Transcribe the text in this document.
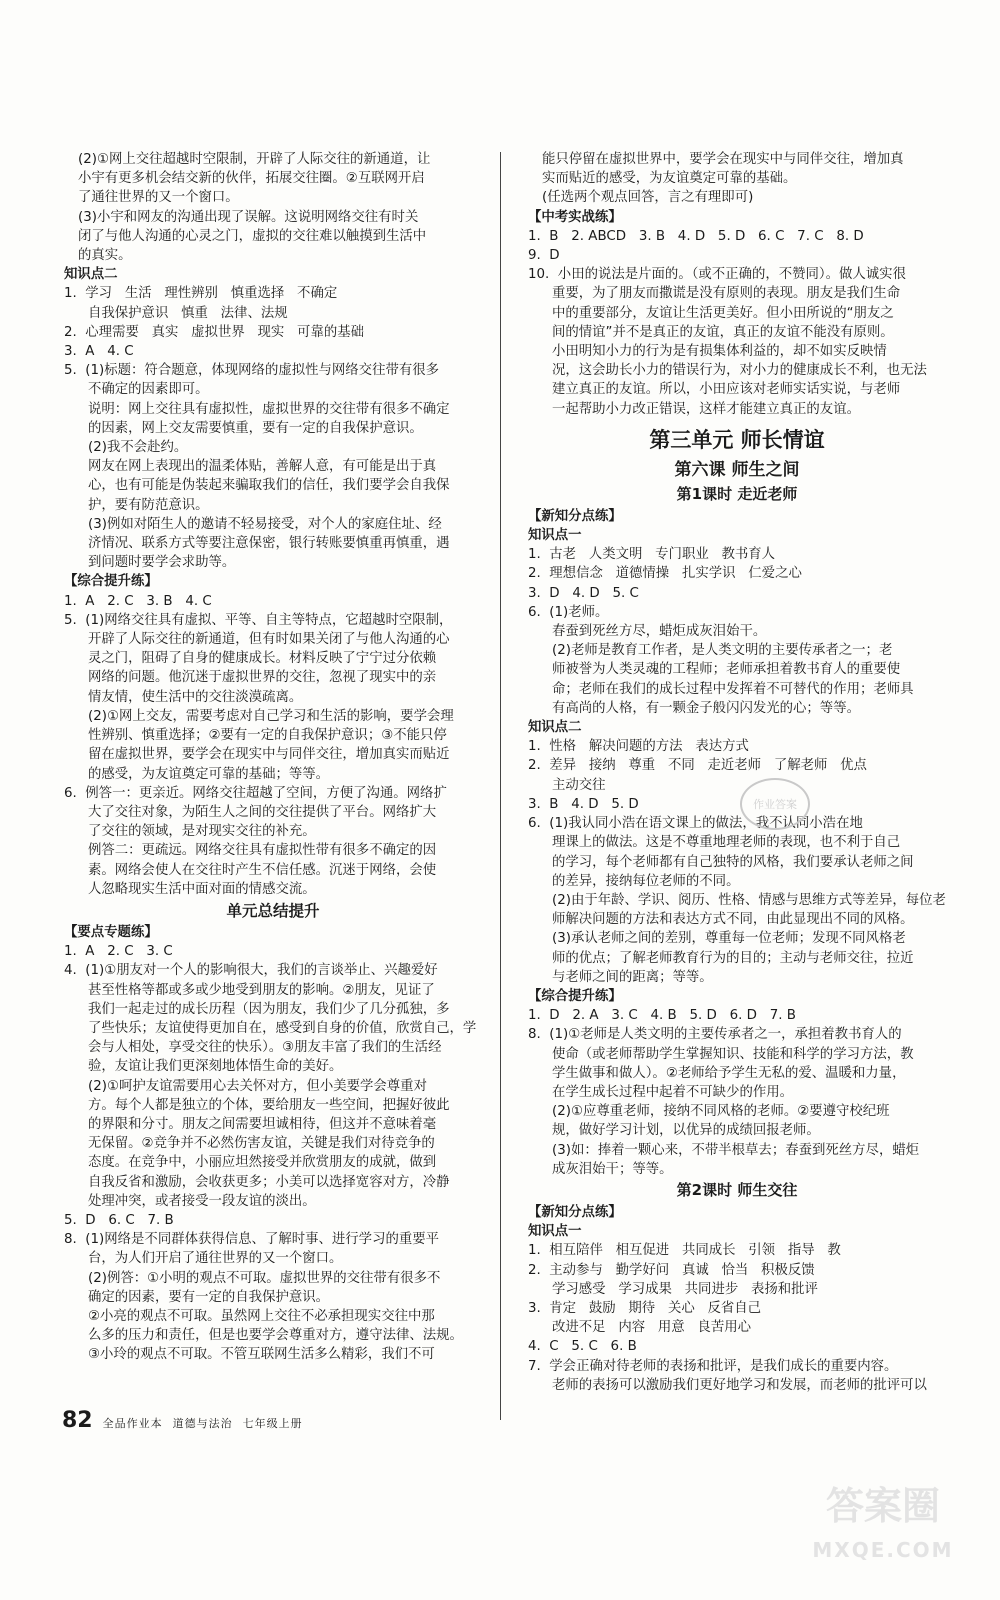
(2)①网上交往超越时空限制，开辟了人际交往的新通道，让
小宇有更多机会结交新的伙伴，拓展交往圈。②互联网开启
了通往世界的又一个窗口。
(3)小宇和网友的沟通出现了误解。这说明网络交往有时关
闭了与他人沟通的心灵之门，虚拟的交往难以触摸到生活中
的真实。
知识点二
1.  学习   生活   理性辨别   慎重选择   不确定
自我保护意识   慎重   法律、法规
2.  心理需要   真实   虚拟世界   现实   可靠的基础
3.  A   4. C
5.  (1)标题：符合题意，体现网络的虚拟性与网络交往带有很多
不确定的因素即可。
说明：网上交往具有虚拟性，虚拟世界的交往带有很多不确定
的因素，网上交友需要慎重，要有一定的自我保护意识。
(2)我不会赴约。
网友在网上表现出的温柔体贴，善解人意，有可能是出于真
心，也有可能是伪装起来骗取我们的信任，我们要学会自我保
护，要有防范意识。
(3)例如对陌生人的邀请不轻易接受，对个人的家庭住址、经
济情况、联系方式等要注意保密，银行转账要慎重再慎重，遇
到问题时要学会求助等。
【综合提升练】
1.  A   2. C   3. B   4. C
5.  (1)网络交往具有虚拟、平等、自主等特点，它超越时空限制，
开辟了人际交往的新通道，但有时如果关闭了与他人沟通的心
灵之门，阻碍了自身的健康成长。材料反映了宁宁过分依赖
网络的问题。他沉迷于虚拟世界的交往，忽视了现实中的亲
情友情，使生活中的交往淡漠疏离。
(2)①网上交友，需要考虑对自己学习和生活的影响，要学会理
性辨别、慎重选择；②要有一定的自我保护意识；③不能只停
留在虚拟世界，要学会在现实中与同伴交往，增加真实而贴近
的感受，为友谊奠定可靠的基础；等等。
6.  例答一：更亲近。网络交往超越了空间，方便了沟通。网络扩
大了交往对象，为陌生人之间的交往提供了平台。网络扩大
了交往的领域，是对现实交往的补充。
例答二：更疏远。网络交往具有虚拟性带有很多不确定的因
素。网络会使人在交往时产生不信任感。沉迷于网络，会使
人忽略现实生活中面对面的情感交流。
单元总结提升
【要点专题练】
1.  A   2. C   3. C
4.  (1)①朋友对一个人的影响很大，我们的言谈举止、兴趣爱好
甚至性格等都或多或少地受到朋友的影响。②朋友，见证了
我们一起走过的成长历程（因为朋友，我们少了几分孤独，多
了些快乐；友谊使得更加自在，感受到自身的价值，欣赏自己，学
会与人相处，享受交往的快乐）。③朋友丰富了我们的生活经
验，友谊让我们更深刻地体悟生命的美好。
(2)①呵护友谊需要用心去关怀对方，但小美要学会尊重对
方。每个人都是独立的个体，要给朋友一些空间，把握好彼此
的界限和分寸。朋友之间需要坦诚相待，但这并不意味着毫
无保留。②竞争并不必然伤害友谊，关键是我们对待竞争的
态度。在竞争中，小丽应坦然接受并欣赏朋友的成就，做到
自我反省和激励，会收获更多；小美可以选择宽容对方，冷静
处理冲突，或者接受一段友谊的淡出。
5.  D   6. C   7. B
8.  (1)网络是不同群体获得信息、了解时事、进行学习的重要平
台，为人们开启了通往世界的又一个窗口。
(2)例答：①小明的观点不可取。虚拟世界的交往带有很多不
确定的因素，要有一定的自我保护意识。
②小亮的观点不可取。虽然网上交往不必承担现实交往中那
么多的压力和责任，但是也要学会尊重对方，遵守法律、法规。
③小玲的观点不可取。不管互联网生活多么精彩，我们不可
能只停留在虚拟世界中，要学会在现实中与同伴交往，增加真
实而贴近的感受，为友谊奠定可靠的基础。
(任选两个观点回答，言之有理即可)
【中考实战练】
1.  B   2. ABCD   3. B   4. D   5. D   6. C   7. C   8. D
9.  D
10.  小田的说法是片面的。（或不正确的，不赞同）。做人诚实很
重要，为了朋友而撒谎是没有原则的表现。朋友是我们生命
中的重要部分，友谊让生活更美好。但小田所说的“朋友之
间的情谊”并不是真正的友谊，真正的友谊不能没有原则。
小田明知小力的行为是有损集体利益的，却不如实反映情
况，这会助长小力的错误行为，对小力的健康成长不利，也无法
建立真正的友谊。所以，小田应该对老师实话实说，与老师
一起帮助小力改正错误，这样才能建立真正的友谊。
第三单元 师长情谊
第六课 师生之间
第1课时 走近老师
【新知分点练】
知识点一
1.  古老   人类文明   专门职业   教书育人
2.  理想信念   道德情操   扎实学识   仁爱之心
3.  D   4. D   5. C
6.  (1)老师。
春蚕到死丝方尽，蜡炬成灰泪始干。
(2)老师是教育工作者，是人类文明的主要传承者之一；老
师被誉为人类灵魂的工程师；老师承担着教书育人的重要使
命；老师在我们的成长过程中发挥着不可替代的作用；老师具
有高尚的人格，有一颗金子般闪闪发光的心；等等。
知识点二
1.  性格   解决问题的方法   表达方式
2.  差异   接纳   尊重   不同   走近老师   了解老师   优点
主动交往
3.  B   4. D   5. D
6.  (1)我认同小浩在语文课上的做法，我不认同小浩在地
理课上的做法。这是不尊重地理老师的表现，也不利于自己
的学习，每个老师都有自己独特的风格，我们要承认老师之间
的差异，接纳每位老师的不同。
(2)由于年龄、学识、阅历、性格、情感与思维方式等差异，每位老
师解决问题的方法和表达方式不同，由此显现出不同的风格。
(3)承认老师之间的差别，尊重每一位老师；发现不同风格老
师的优点；了解老师教育行为的目的；主动与老师交往，拉近
与老师之间的距离；等等。
【综合提升练】
1.  D   2. A   3. C   4. B   5. D   6. D   7. B
8.  (1)①老师是人类文明的主要传承者之一，承担着教书育人的
使命（或老师帮助学生掌握知识、技能和科学的学习方法，教
学生做事和做人）。②老师给予学生无私的爱、温暖和力量，
在学生成长过程中起着不可缺少的作用。
(2)①应尊重老师，接纳不同风格的老师。②要遵守校纪班
规，做好学习计划，以优异的成绩回报老师。
(3)如：捧着一颗心来，不带半根草去；春蚕到死丝方尽，蜡炬
成灰泪始干；等等。
第2课时 师生交往
【新知分点练】
知识点一
1.  相互陪伴   相互促进   共同成长   引领   指导   教
2.  主动参与   勤学好问   真诚   恰当   积极反馈
学习感受   学习成果   共同进步   表扬和批评
3.  肯定   鼓励   期待   关心   反省自己
改进不足   内容   用意   良苦用心
4.  C   5. C   6. B
7.  学会正确对待老师的表扬和批评，是我们成长的重要内容。
老师的表扬可以激励我们更好地学习和发展，而老师的批评可以
作业答案
答案圈
MXQE.COM
82 全品作业本 道德与法治 七年级上册
